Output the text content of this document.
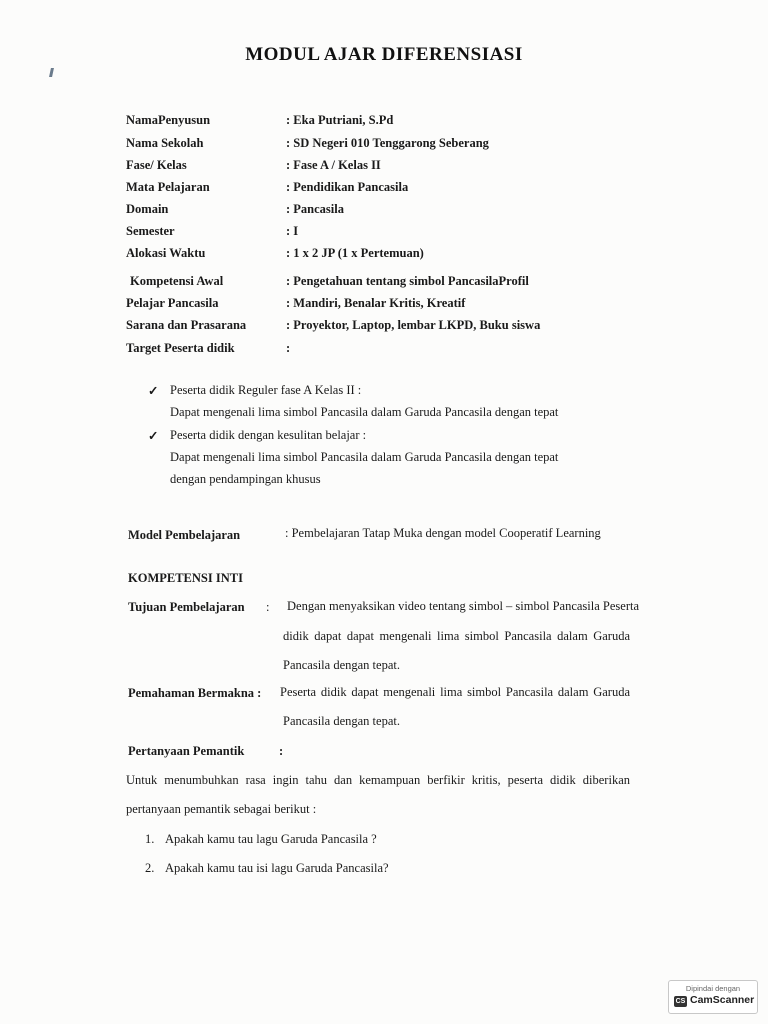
MODUL AJAR DIFERENSIASI
NamaPenyusun	: Eka Putriani, S.Pd
Nama Sekolah	: SD Negeri 010 Tenggarong Seberang
Fase/ Kelas	: Fase A / Kelas II
Mata Pelajaran	: Pendidikan Pancasila
Domain	: Pancasila
Semester	: I
Alokasi Waktu	: 1 x 2 JP (1 x Pertemuan)
Kompetensi Awal	: Pengetahuan tentang simbol PancasilaProfil
Pelajar Pancasila	: Mandiri, Benalar Kritis, Kreatif
Sarana dan Prasarana	: Proyektor, Laptop, lembar LKPD, Buku siswa
Target Peserta didik	:
✓ Peserta didik Reguler fase A Kelas II :
Dapat mengenali lima simbol Pancasila dalam Garuda Pancasila dengan tepat
✓ Peserta didik dengan kesulitan belajar :
Dapat mengenali lima simbol Pancasila dalam Garuda Pancasila dengan tepat
dengan pendampingan khusus
Model Pembelajaran	: Pembelajaran Tatap Muka dengan model Cooperatif Learning
KOMPETENSI INTI
Tujuan Pembelajaran : Dengan menyaksikan video tentang simbol – simbol Pancasila Peserta
didik dapat dapat mengenali lima simbol Pancasila dalam Garuda
Pancasila dengan tepat.
Pemahaman Bermakna : Peserta didik dapat mengenali lima simbol Pancasila dalam Garuda
Pancasila dengan tepat.
Pertanyaan Pemantik	:
Untuk menumbuhkan rasa ingin tahu dan kemampuan berfikir kritis, peserta didik diberikan
pertanyaan pemantik sebagai berikut :
1. Apakah kamu tau lagu Garuda Pancasila ?
2. Apakah kamu tau isi lagu Garuda Pancasila?
Dipindai dengan
CS CamScanner
